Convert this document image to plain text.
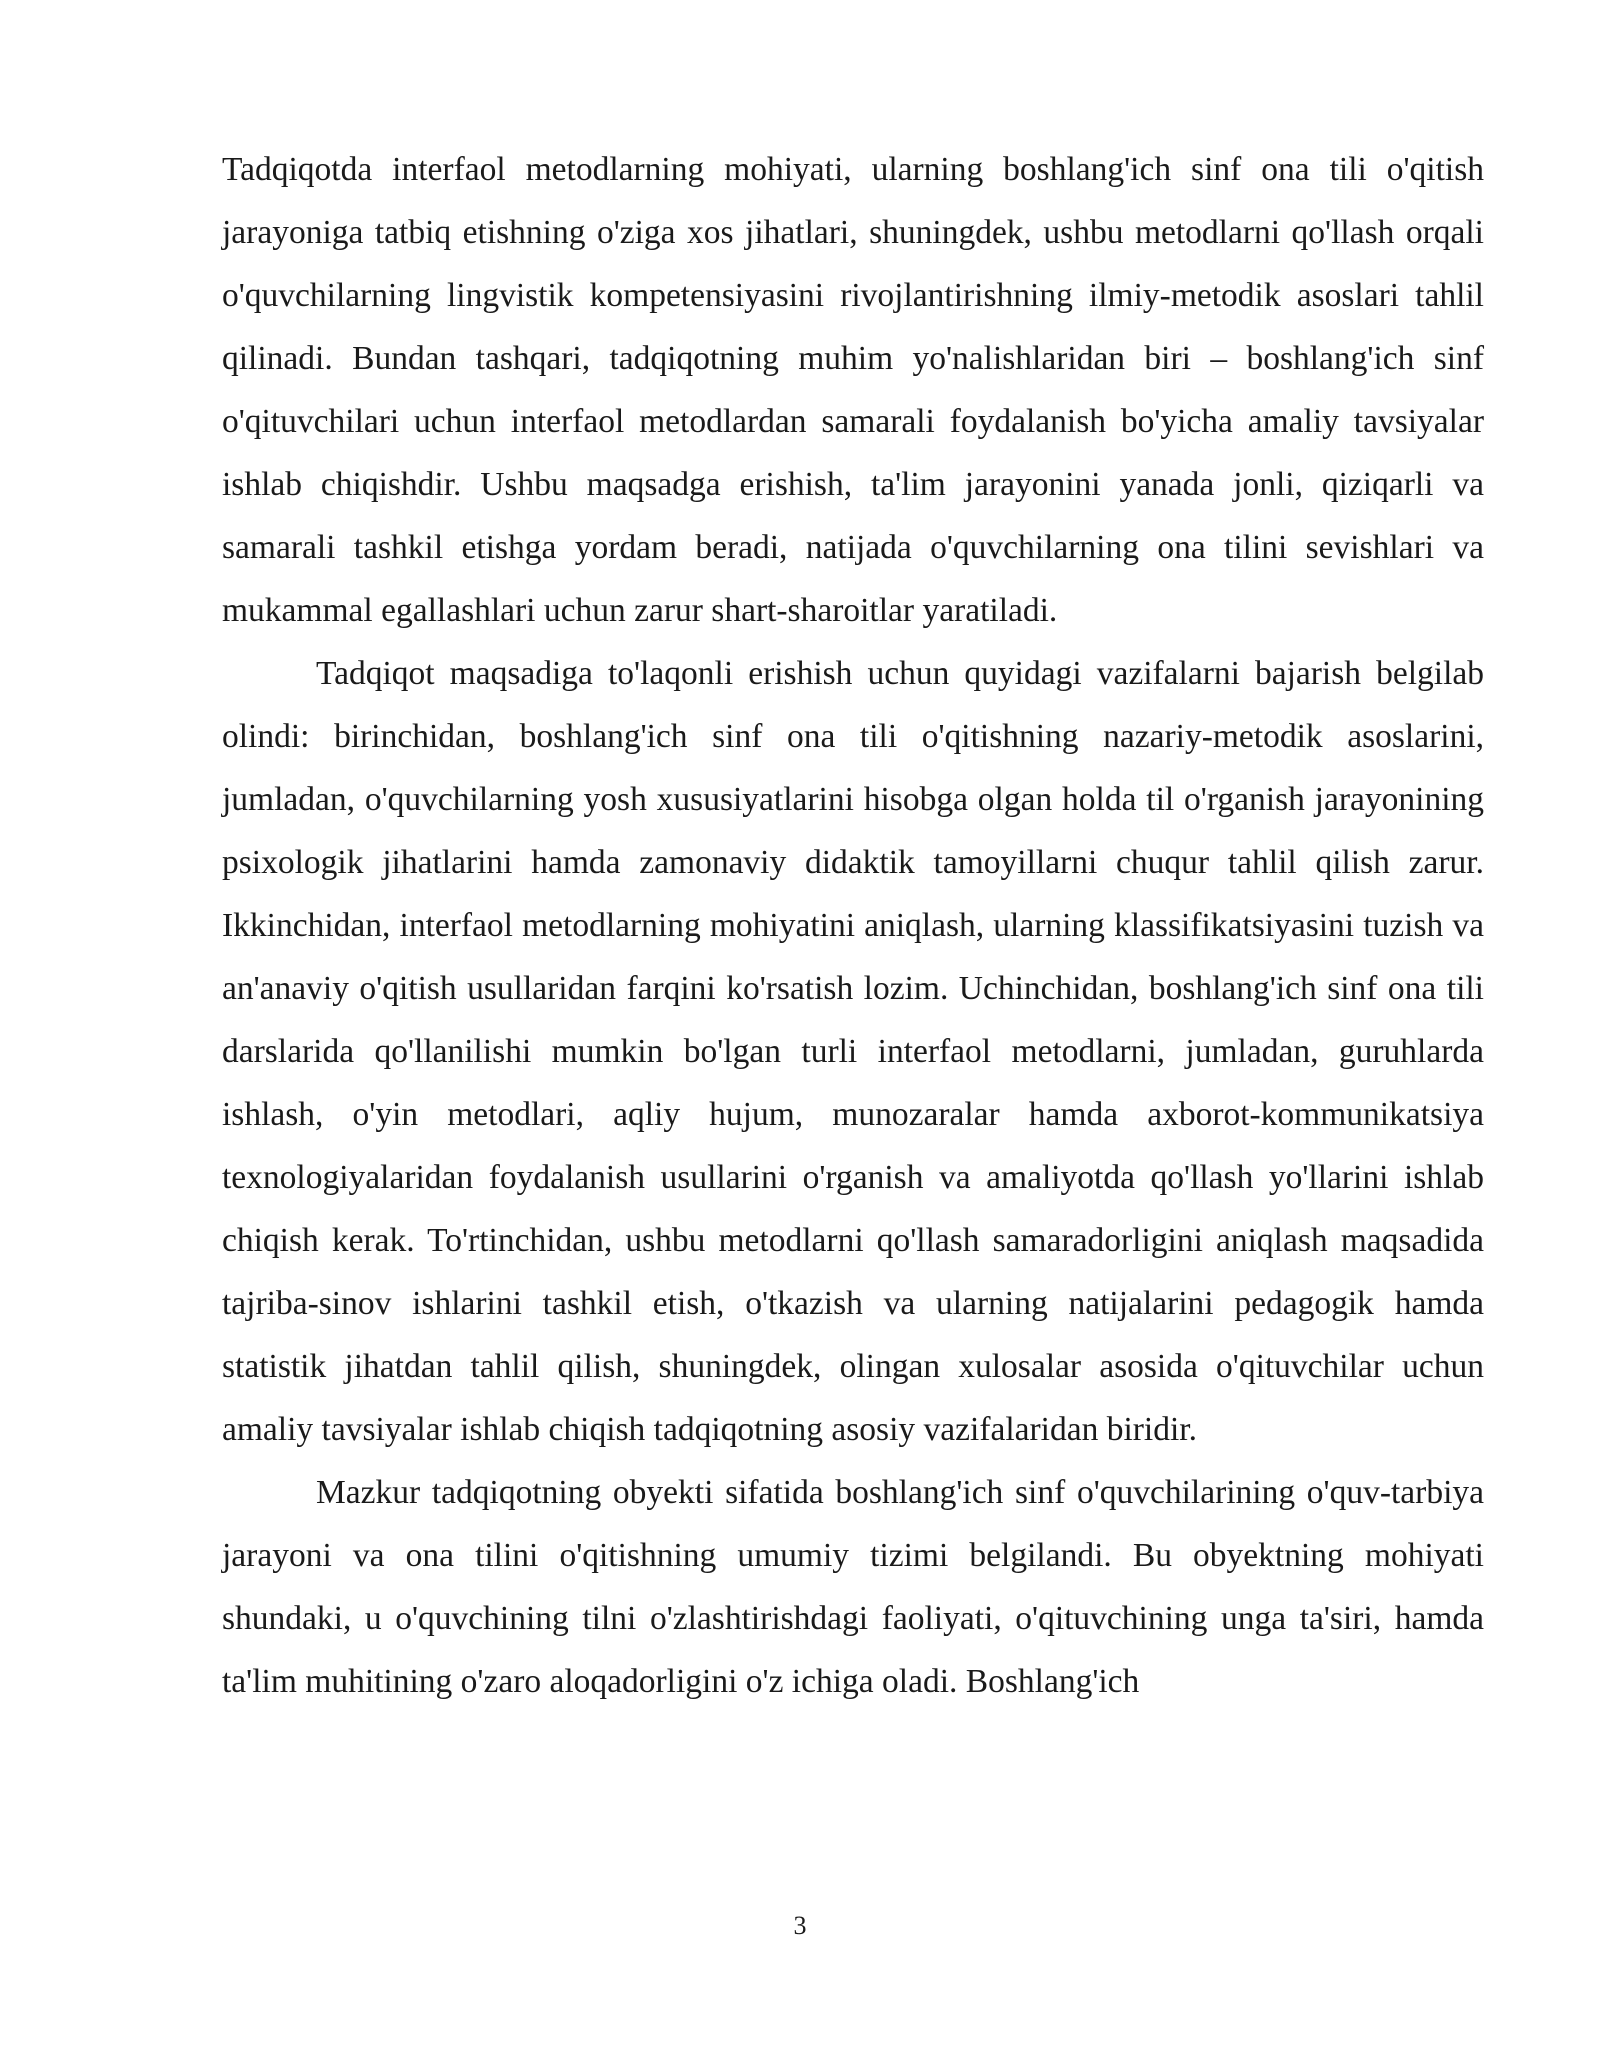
Tadqiqotda interfaol metodlarning mohiyati, ularning boshlang'ich sinf ona tili o'qitish jarayoniga tatbiq etishning o'ziga xos jihatlari, shuningdek, ushbu metodlarni qo'llash orqali o'quvchilarning lingvistik kompetensiyasini rivojlantirishning ilmiy-metodik asoslari tahlil qilinadi. Bundan tashqari, tadqiqotning muhim yo'nalishlaridan biri – boshlang'ich sinf o'qituvchilari uchun interfaol metodlardan samarali foydalanish bo'yicha amaliy tavsiyalar ishlab chiqishdir. Ushbu maqsadga erishish, ta'lim jarayonini yanada jonli, qiziqarli va samarali tashkil etishga yordam beradi, natijada o'quvchilarning ona tilini sevishlari va mukammal egallashlari uchun zarur shart-sharoitlar yaratiladi.

Tadqiqot maqsadiga to'laqonli erishish uchun quyidagi vazifalarni bajarish belgilab olindi: birinchidan, boshlang'ich sinf ona tili o'qitishning nazariy-metodik asoslarini, jumladan, o'quvchilarning yosh xususiyatlarini hisobga olgan holda til o'rganish jarayonining psixologik jihatlarini hamda zamonaviy didaktik tamoyillarni chuqur tahlil qilish zarur. Ikkinchidan, interfaol metodlarning mohiyatini aniqlash, ularning klassifikatsiyasini tuzish va an'anaviy o'qitish usullaridan farqini ko'rsatish lozim. Uchinchidan, boshlang'ich sinf ona tili darslarida qo'llanilishi mumkin bo'lgan turli interfaol metodlarni, jumladan, guruhlarda ishlash, o'yin metodlari, aqliy hujum, munozaralar hamda axborot-kommunikatsiya texnologiyalaridan foydalanish usullarini o'rganish va amaliyotda qo'llash yo'llarini ishlab chiqish kerak. To'rtinchidan, ushbu metodlarni qo'llash samaradorligini aniqlash maqsadida tajriba-sinov ishlarini tashkil etish, o'tkazish va ularning natijalarini pedagogik hamda statistik jihatdan tahlil qilish, shuningdek, olingan xulosalar asosida o'qituvchilar uchun amaliy tavsiyalar ishlab chiqish tadqiqotning asosiy vazifalaridan biridir.

Mazkur tadqiqotning obyekti sifatida boshlang'ich sinf o'quvchilarining o'quv-tarbiya jarayoni va ona tilini o'qitishning umumiy tizimi belgilandi. Bu obyektning mohiyati shundaki, u o'quvchining tilni o'zlashtirishdagi faoliyati, o'qituvchining unga ta'siri, hamda ta'lim muhitining o'zaro aloqadorligini o'z ichiga oladi. Boshlang'ich

3
